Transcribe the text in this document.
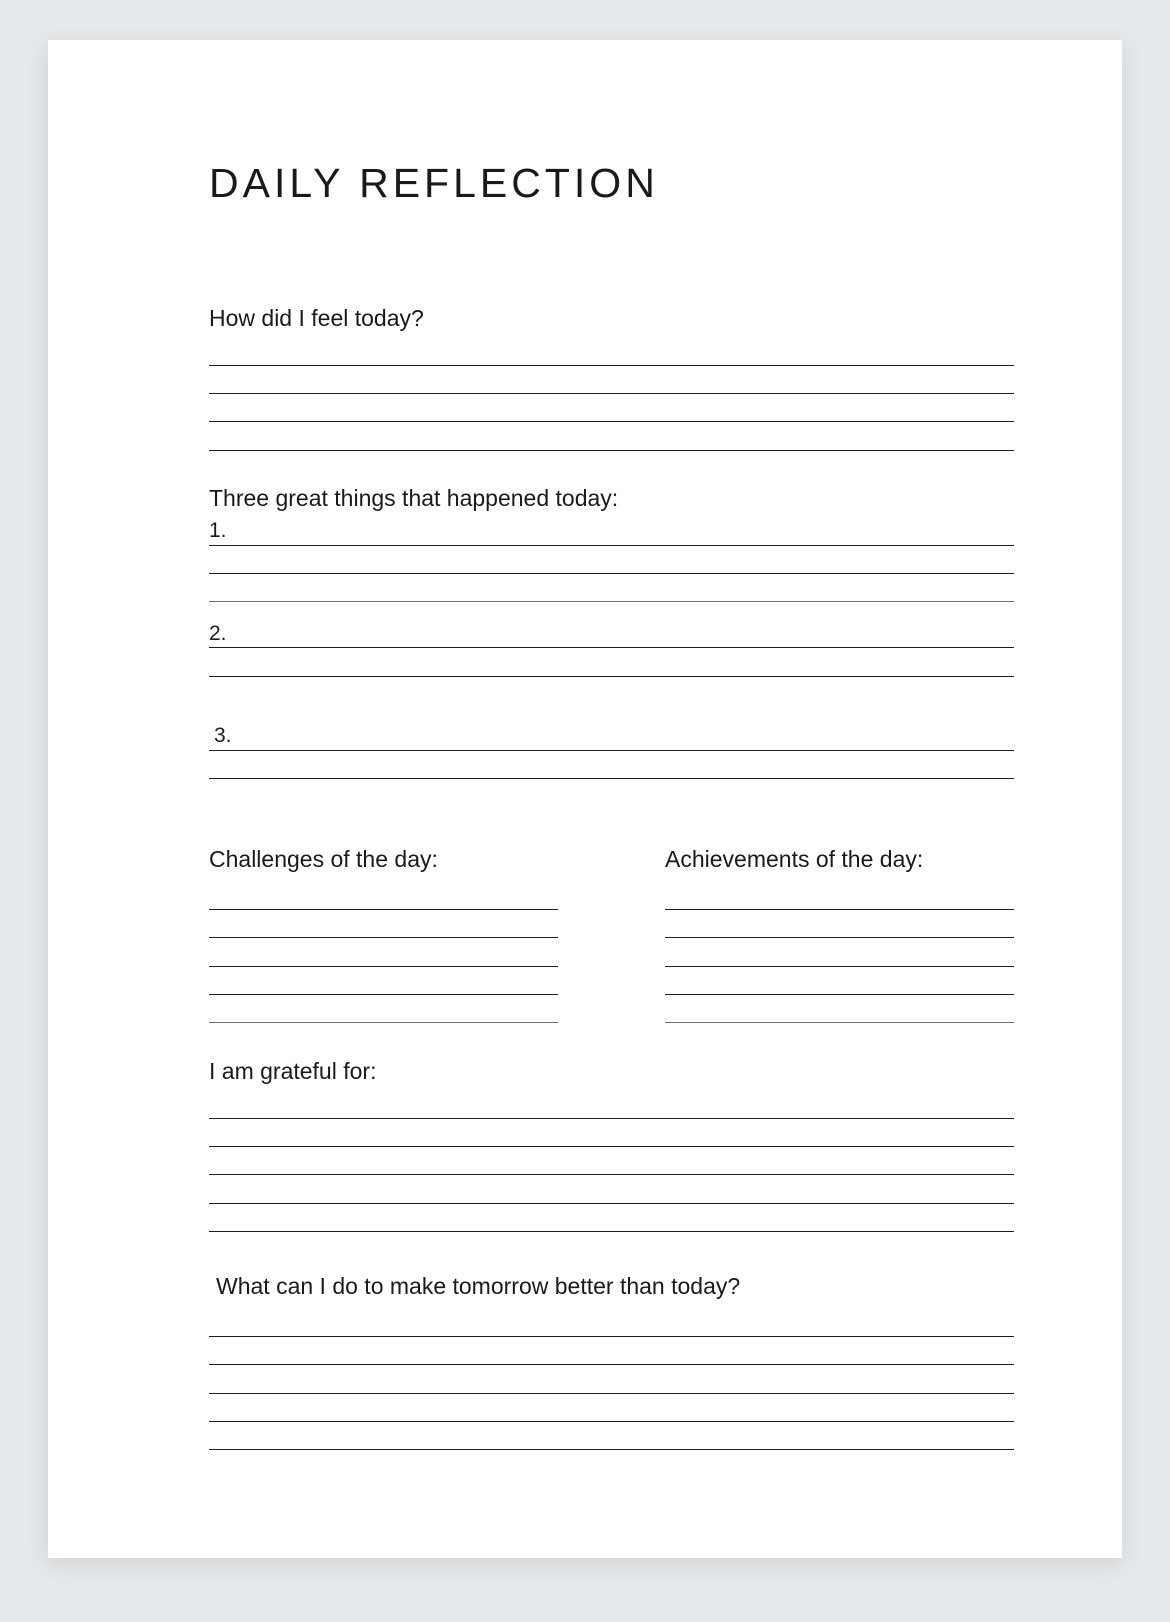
DAILY REFLECTION
How did I feel today?
Three great things that happened today:
1.
2.
3.
Challenges of the day:	Achievements of the day:
I am grateful for:
What can I do to make tomorrow better than today?
